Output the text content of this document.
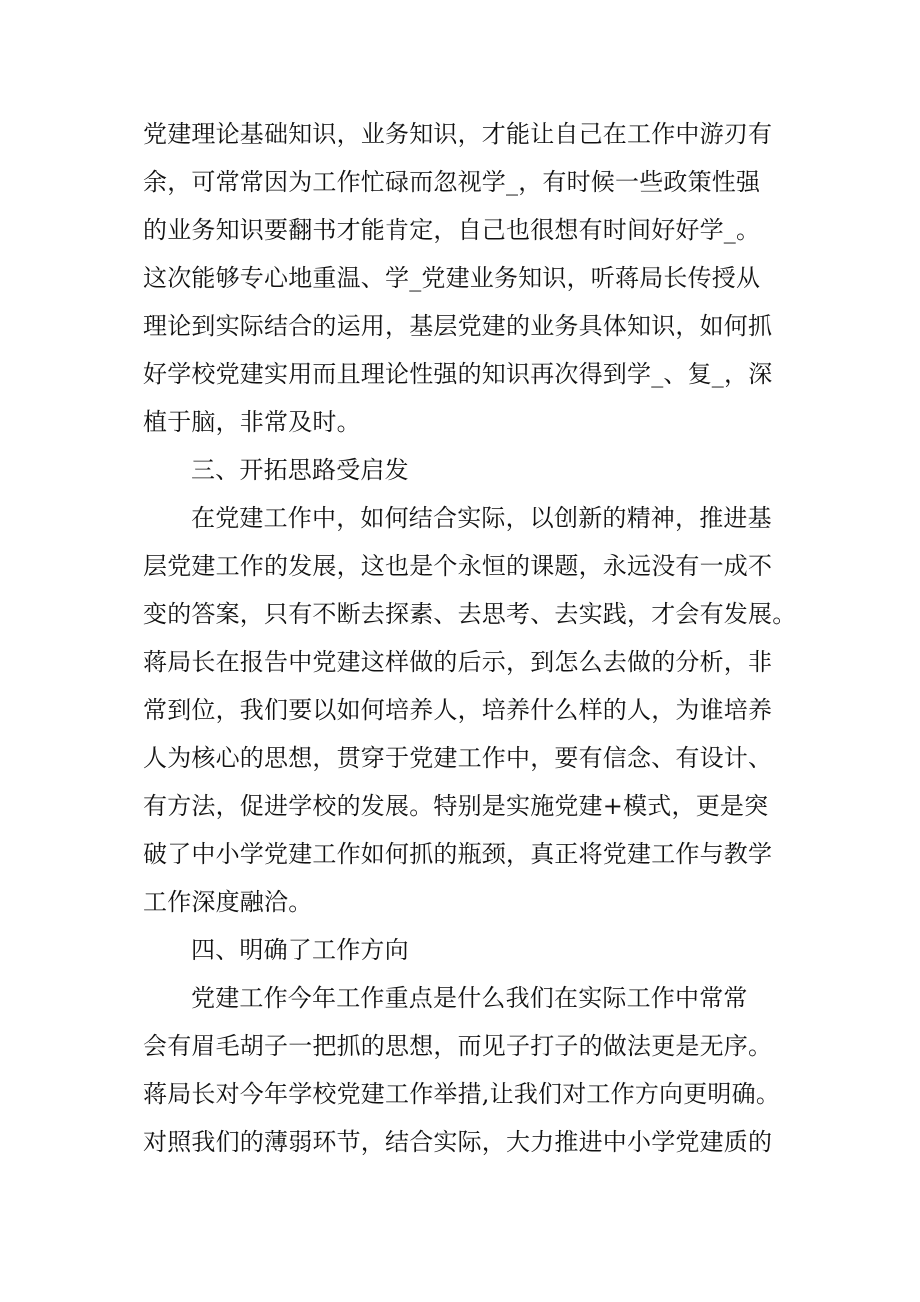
党建理论基础知识，业务知识，才能让自己在工作中游刃有
余，可常常因为工作忙碌而忽视学_，有时候一些政策性强
的业务知识要翻书才能肯定，自己也很想有时间好好学_。
这次能够专心地重温、学_党建业务知识，听蒋局长传授从
理论到实际结合的运用，基层党建的业务具体知识，如何抓
好学校党建实用而且理论性强的知识再次得到学_、复_，深
植于脑，非常及时。
三、开拓思路受启发
在党建工作中，如何结合实际，以创新的精神，推进基
层党建工作的发展，这也是个永恒的课题，永远没有一成不
变的答案，只有不断去探素、去思考、去实践，才会有发展。
蒋局长在报告中党建这样做的后示，到怎么去做的分析，非
常到位，我们要以如何培养人，培养什么样的人，为谁培养
人为核心的思想，贯穿于党建工作中，要有信念、有设计、
有方法，促进学校的发展。特别是实施党建+模式，更是突
破了中小学党建工作如何抓的瓶颈，真正将党建工作与教学
工作深度融洽。
四、明确了工作方向
党建工作今年工作重点是什么我们在实际工作中常常
会有眉毛胡子一把抓的思想，而见子打子的做法更是无序。
蒋局长对今年学校党建工作举措,让我们对工作方向更明确。
对照我们的薄弱环节，结合实际，大力推进中小学党建质的
